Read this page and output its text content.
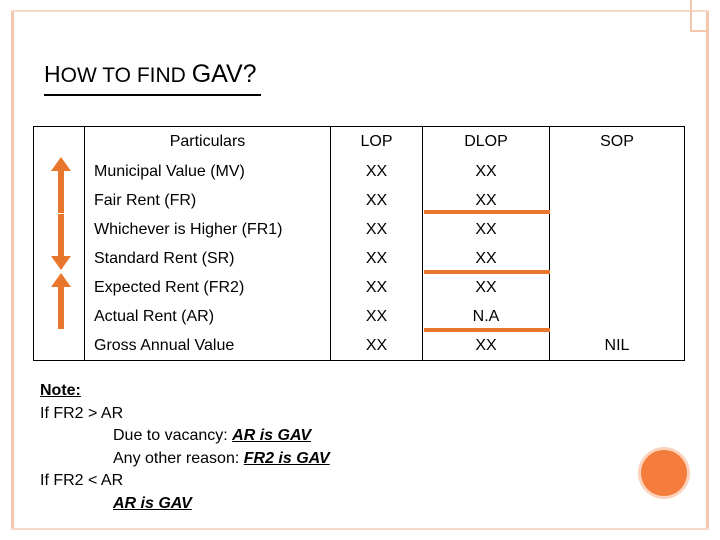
HOW TO FIND GAV?
	Particulars	LOP	DLOP	SOP
	Municipal Value (MV)	XX	XX	
	Fair Rent (FR)	XX	XX	
	Whichever is Higher (FR1)	XX	XX	
	Standard Rent (SR)	XX	XX	
	Expected Rent (FR2)	XX	XX	
	Actual Rent (AR)	XX	N.A	
	Gross Annual Value	XX	XX	NIL
Note:
If FR2 > AR
Due to vacancy: AR is GAV
Any other reason: FR2 is GAV
If FR2 < AR
AR is GAV
